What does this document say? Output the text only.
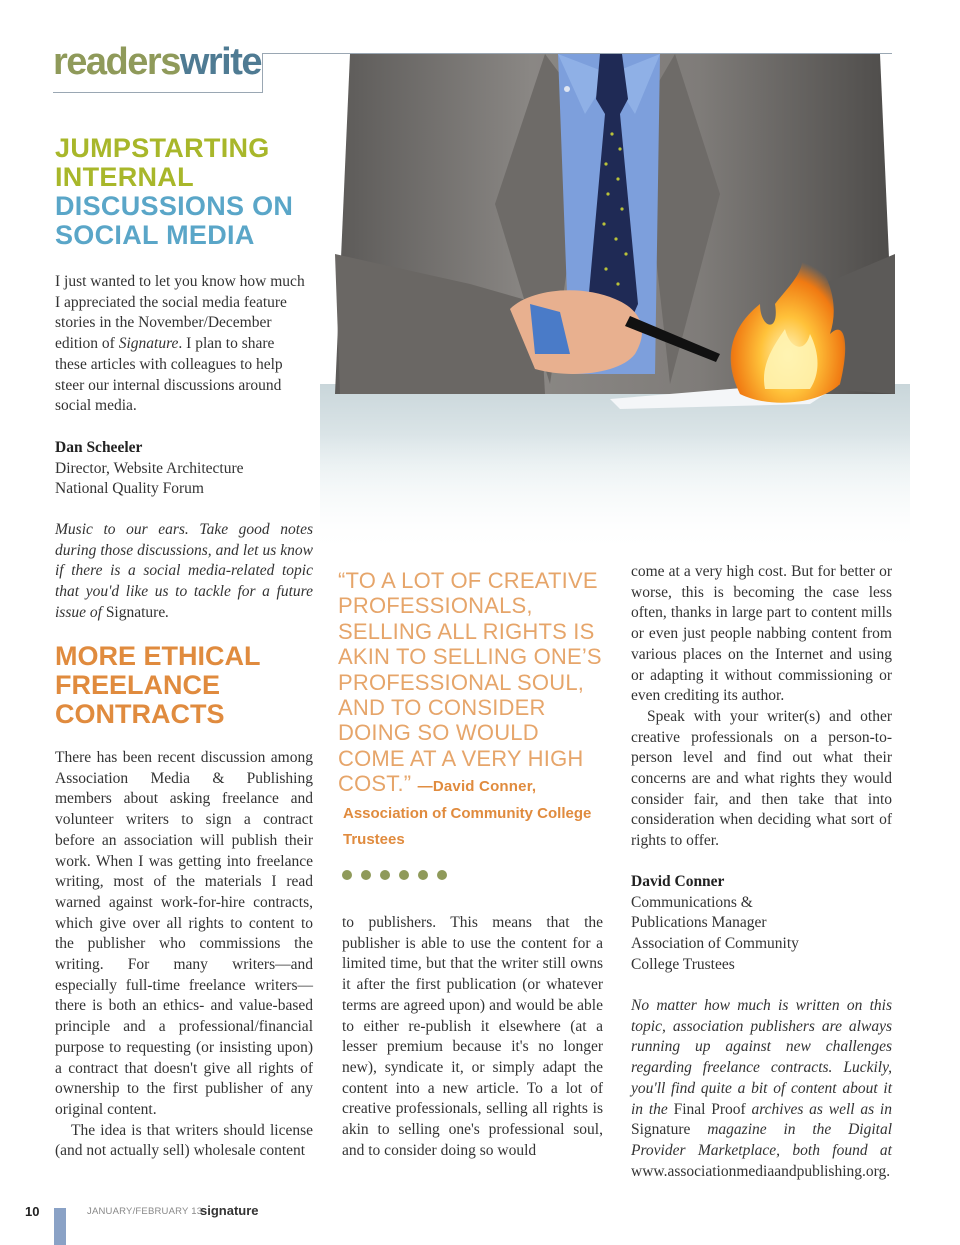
readerswrite
JUMPSTARTING
INTERNAL
DISCUSSIONS ON
SOCIAL MEDIA

I just wanted to let you know how much I appreciated the social media feature stories in the November/December edition of Signature. I plan to share these articles with colleagues to help steer our internal discussions around social media.

Dan Scheeler
Director, Website Architecture
National Quality Forum

Music to our ears. Take good notes during those discussions, and let us know if there is a social media-related topic that you'd like us to tackle for a future issue of Signature.

MORE ETHICAL
FREELANCE
CONTRACTS

There has been recent discussion among Association Media & Publishing members about asking freelance and volunteer writers to sign a contract before an association will publish their work. When I was getting into freelance writing, most of the materials I read warned against work-for-hire contracts, which give over all rights to content to the publisher who commissions the writing. For many writers—and especially full-time freelance writers—there is both an ethics- and value-based principle and a professional/financial purpose to requesting (or insisting upon) a contract that doesn't give all rights of ownership to the first publisher of any original content.

The idea is that writers should license (and not actually sell) wholesale content

“TO A LOT OF CREATIVE PROFESSIONALS, SELLING ALL RIGHTS IS AKIN TO SELLING ONE’S PROFESSIONAL SOUL, AND TO CONSIDER DOING SO WOULD COME AT A VERY HIGH COST.” —David Conner,
Association of Community College Trustees

to publishers. This means that the publisher is able to use the content for a limited time, but that the writer still owns it after the first publication (or whatever terms are agreed upon) and would be able to either re-publish it elsewhere (at a lesser premium because it's no longer new), syndicate it, or simply adapt the content into a new article. To a lot of creative professionals, selling all rights is akin to selling one's professional soul, and to consider doing so would

come at a very high cost. But for better or worse, this is becoming the case less often, thanks in large part to content mills or even just people nabbing content from various places on the Internet and using or adapting it without commissioning or even crediting its author.

Speak with your writer(s) and other creative professionals on a person-to-person level and find out what their concerns are and what rights they would consider fair, and then take that into consideration when deciding what sort of rights to offer.

David Conner
Communications &
Publications Manager
Association of Community
College Trustees

No matter how much is written on this topic, association publishers are always running up against new challenges regarding freelance contracts. Luckily, you'll find quite a bit of content about it in the Final Proof archives as well as in Signature magazine in the Digital Provider Marketplace, both found at www.associationmediaandpublishing.org.

10	JANUARY/FEBRUARY 13
signature
